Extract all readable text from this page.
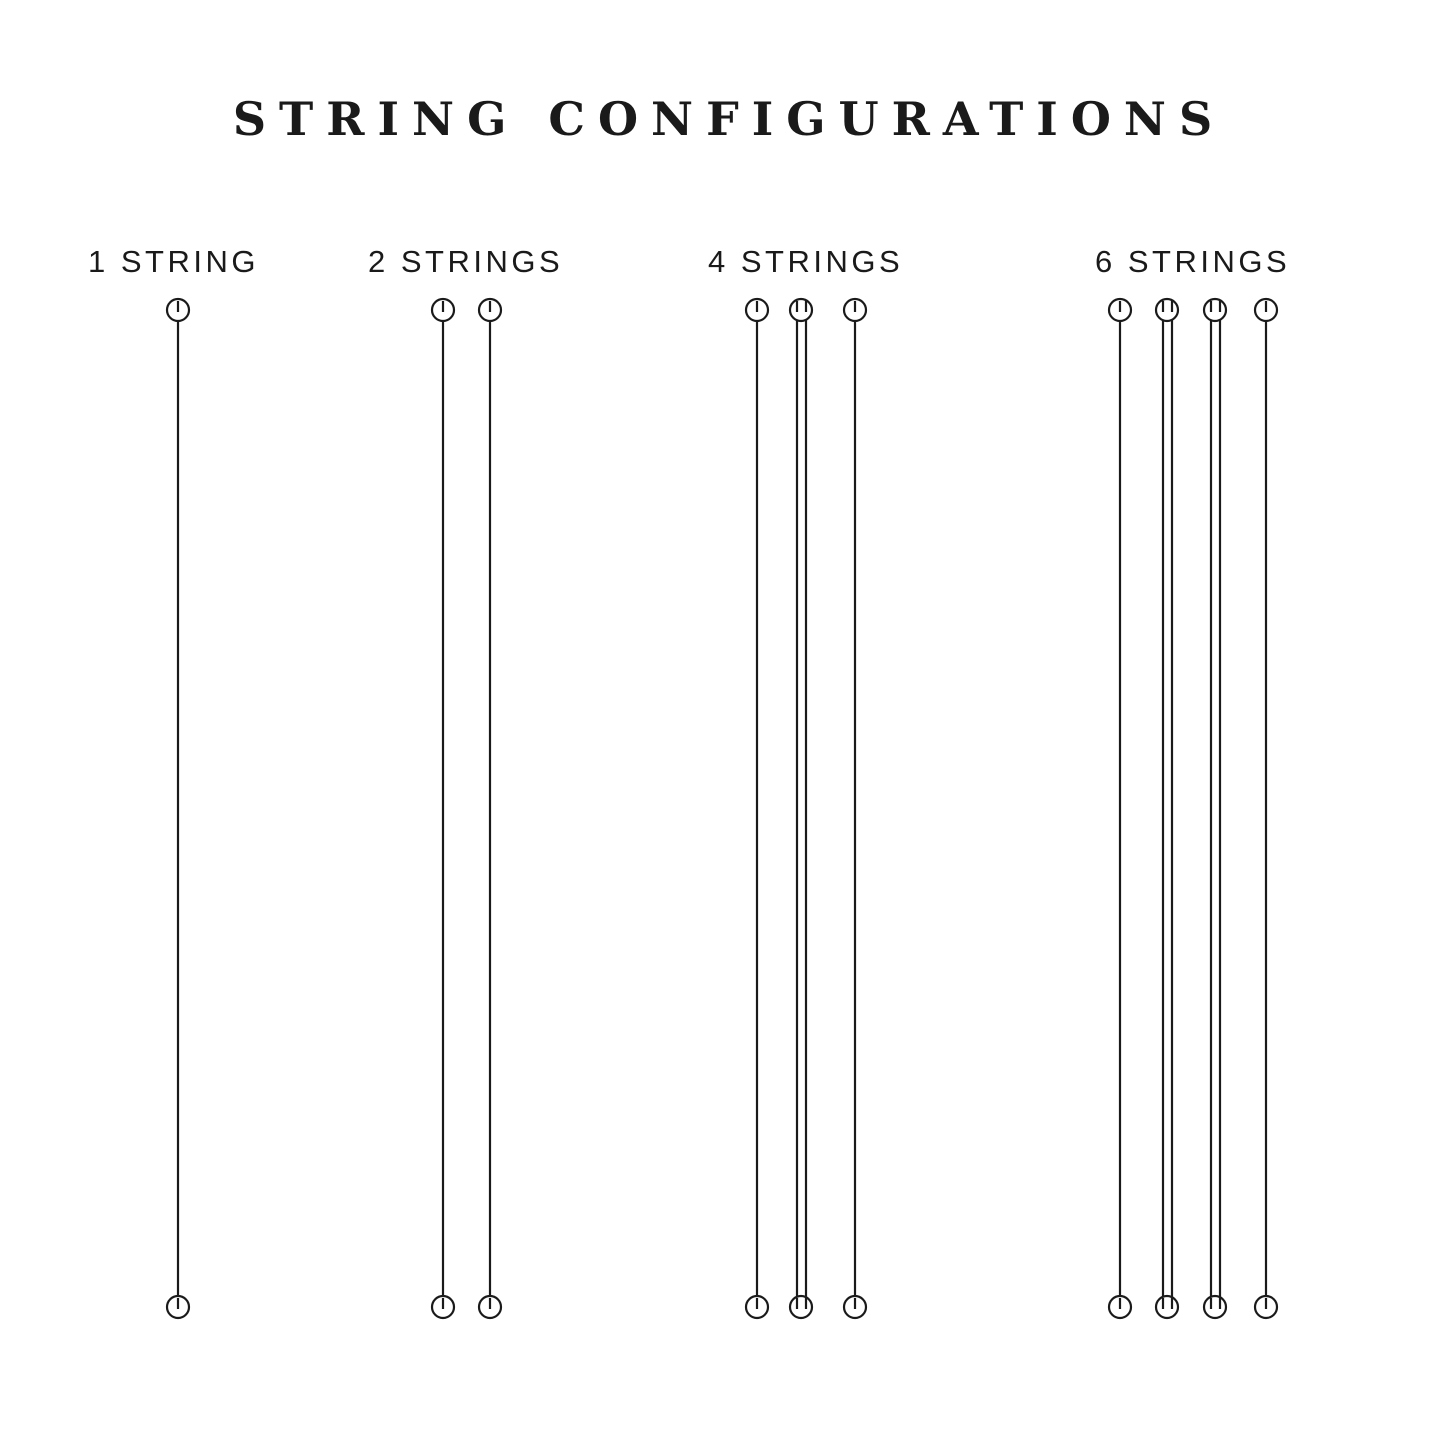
STRING CONFIGURATIONS
1 STRING	2 STRINGS	4 STRINGS	6 STRINGS
